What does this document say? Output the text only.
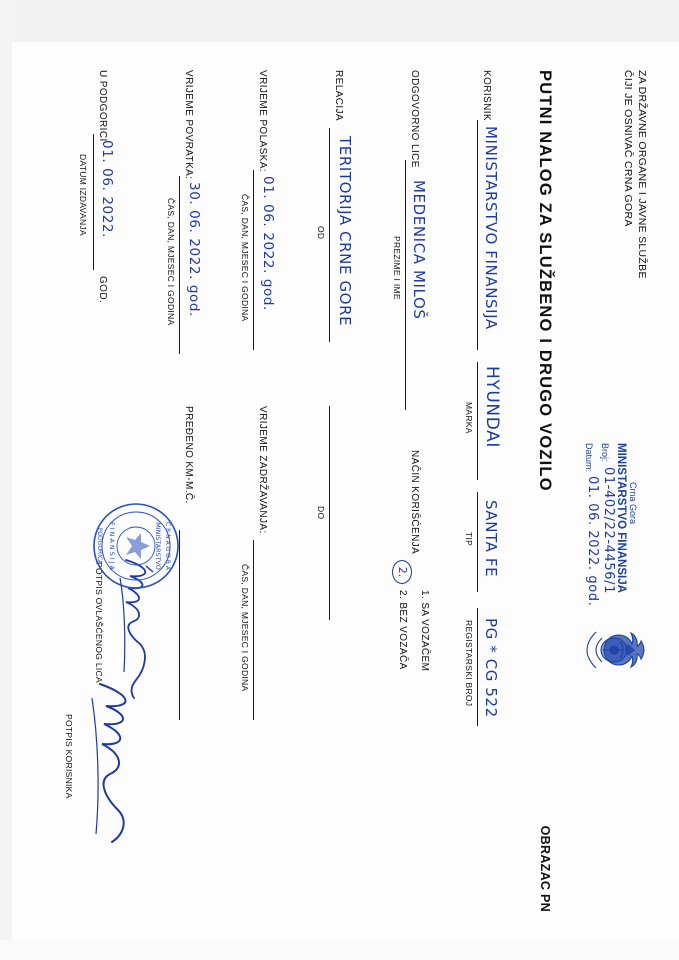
ZA DRŽAVNE ORGANE I JAVNE SLUŽBE
ČIJI JE OSNIVAČ CRNA GORA
Crna Gora
MINISTARSTVO FINANSIJA
Broj:
01-402/22-4456/1
Datum:
01. 06. 2022. god.
PUTNI NALOG ZA SLUŽBENO I DRUGO VOZILO
OBRAZAC PN
KORISNIK
MINISTARSTVO FINANSIJA
HYUNDAI
MARKA
SANTA FE
TIP
PG * CG 522
REGISTARSKI BROJ
ODGOVORNO LICE
MEDENICA MILOŠ
PREZIME I IME
NAČIN KORIŠĆENJA
1. SA VOZAČEM
2. BEZ VOZAČA
2.
RELACIJA
TERITORIJA CRNE GORE
OD
DO
VRIJEME POLASKA:
01. 06. 2022. god.
ČAS, DAN, MJESEC I GODINA
VRIJEME ZADRŽAVANJA:
ČAS, DAN, MJESEC I GODINA
VRIJEME POVRATKA:
30. 06. 2022. god.
ČAS, DAN, MJESEC I GODINA
PREĐENO KM-M.Č.
POTPIS OVLAŠĆENOG LICA
U PODGORICI
01. 06. 2022.
GOD.
DATUM IZDAVANJA
C R N A G O R A
MINISTARSTVO
F I N A N S I J A
PODGORICA
POTPIS KORISNIKA
